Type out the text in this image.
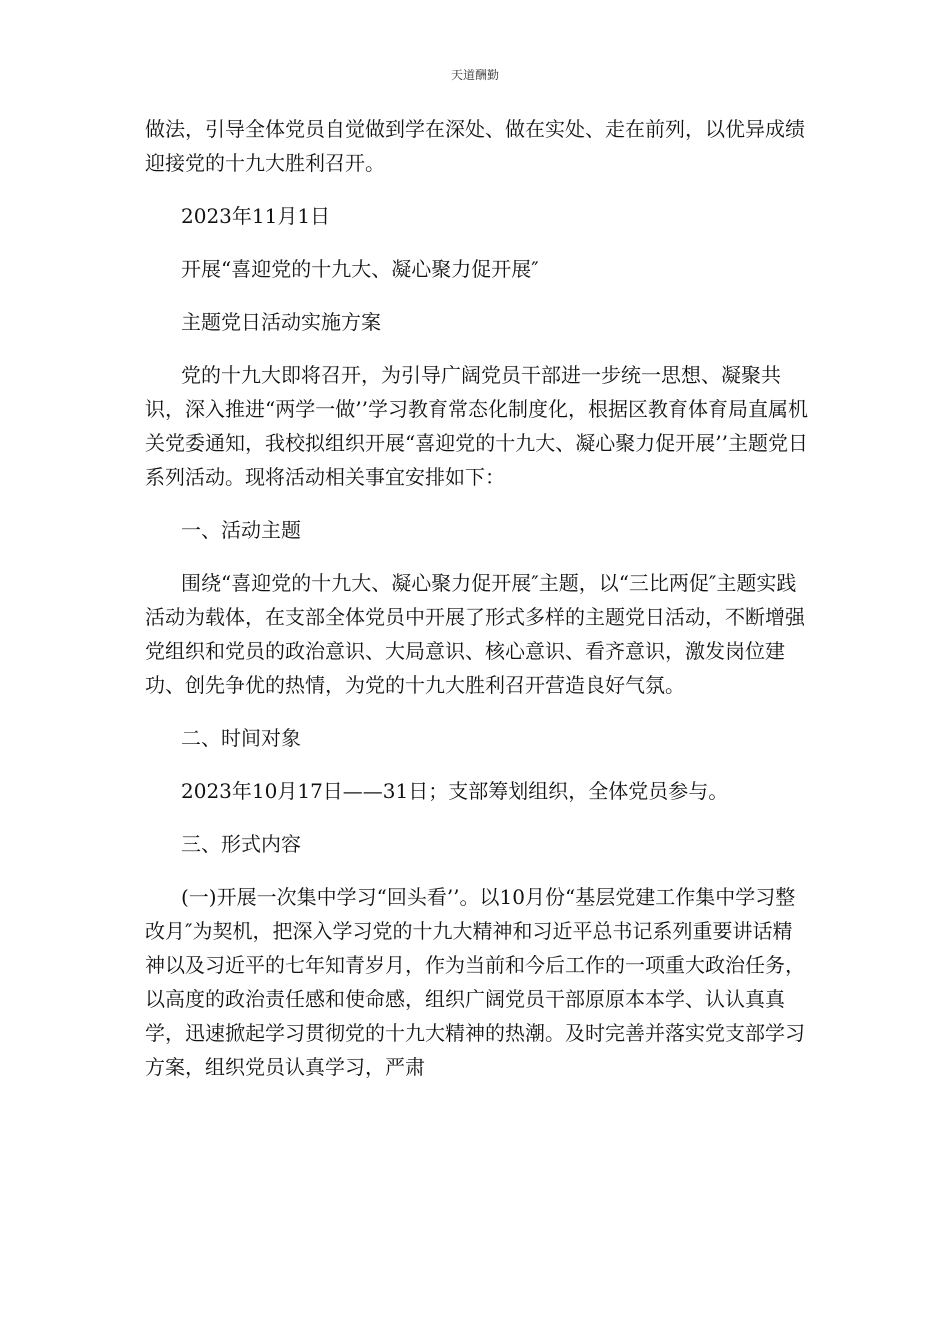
天道酬勤

做法，引导全体党员自觉做到学在深处、做在实处、走在前列，以优异成绩迎接党的十九大胜利召开。

2023年11月1日

开展“喜迎党的十九大、凝心聚力促开展″

主题党日活动实施方案

党的十九大即将召开，为引导广阔党员干部进一步统一思想、凝聚共识，深入推进“两学一做’’学习教育常态化制度化，根据区教育体育局直属机关党委通知，我校拟组织开展“喜迎党的十九大、凝心聚力促开展’’主题党日系列活动。现将活动相关事宜安排如下：

一、活动主题

围绕“喜迎党的十九大、凝心聚力促开展″主题，以“三比两促″主题实践活动为载体，在支部全体党员中开展了形式多样的主题党日活动，不断增强党组织和党员的政治意识、大局意识、核心意识、看齐意识，激发岗位建功、创先争优的热情，为党的十九大胜利召开营造良好气氛。

二、时间对象

2023年10月17日——31日；支部筹划组织，全体党员参与。

三、形式内容

(一)开展一次集中学习“回头看’’。以10月份“基层党建工作集中学习整改月″为契机，把深入学习党的十九大精神和习近平总书记系列重要讲话精神以及习近平的七年知青岁月，作为当前和今后工作的一项重大政治任务，以高度的政治责任感和使命感，组织广阔党员干部原原本本学、认认真真学，迅速掀起学习贯彻党的十九大精神的热潮。及时完善并落实党支部学习方案，组织党员认真学习，严肃
